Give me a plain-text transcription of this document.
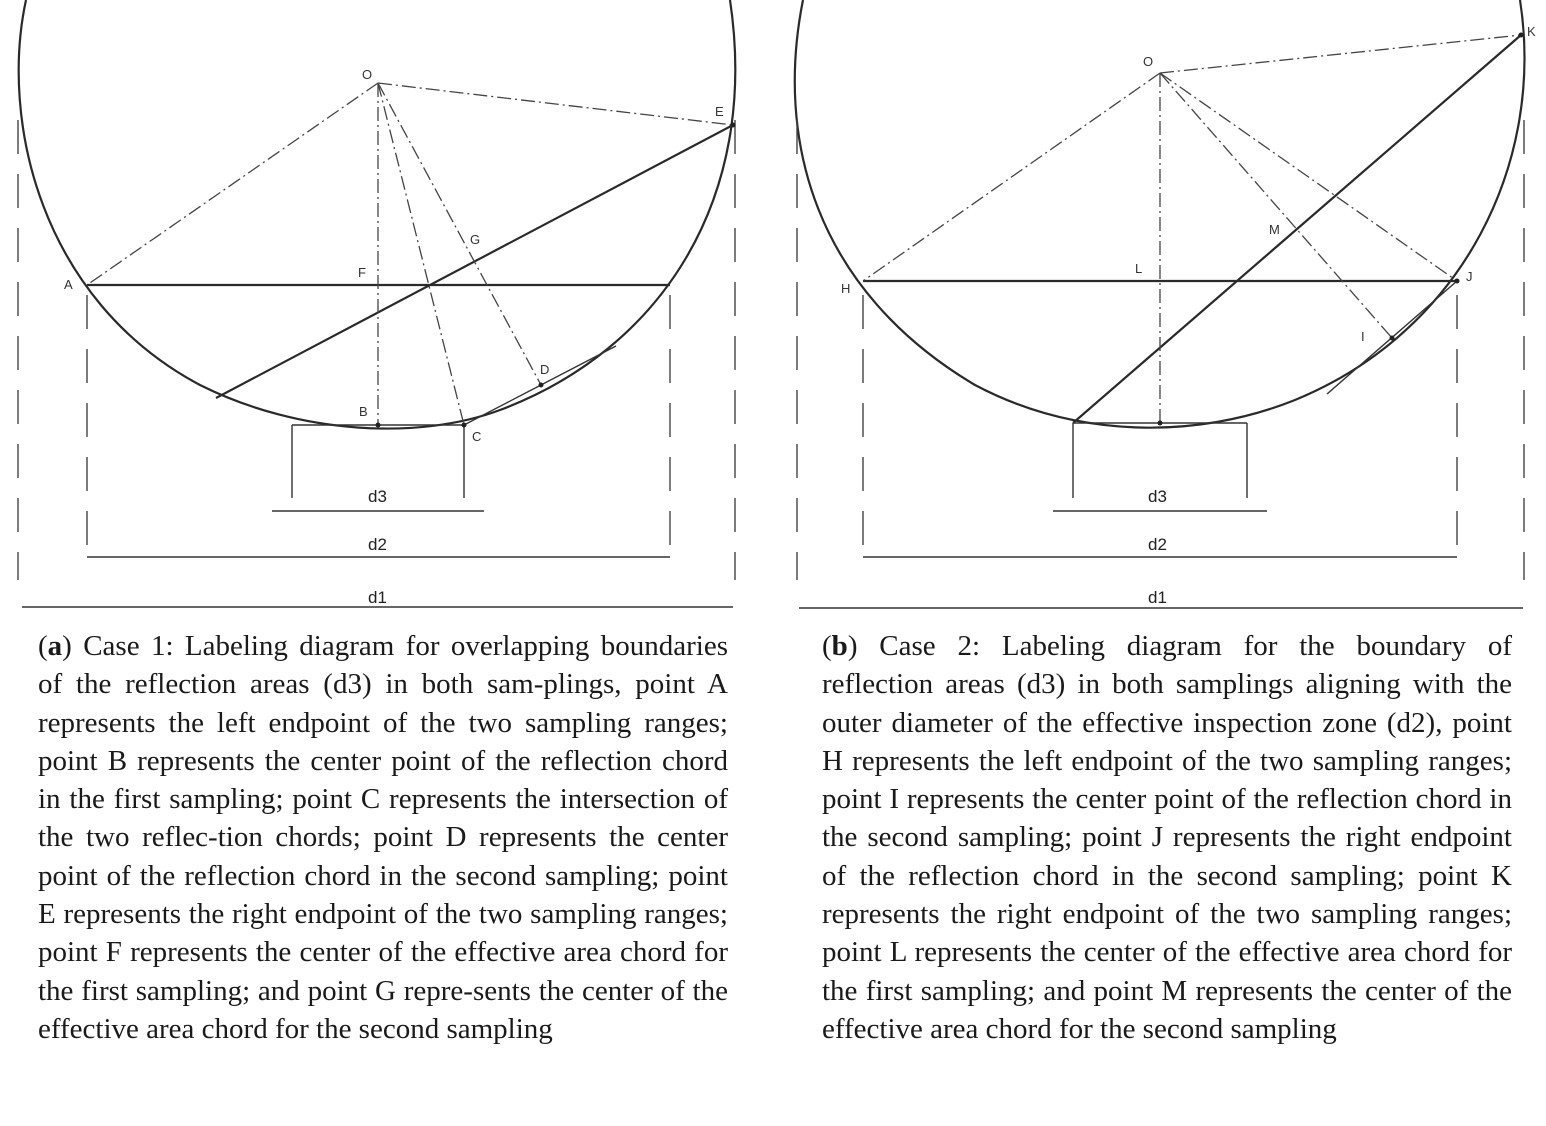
O
E
G
F
A
D
B
C
d3
d2
d1
O
K
M
L
H
J
I
d3
d2
d1
(a) Case 1: Labeling diagram for overlapping boundaries of the reflection areas (d3) in both sam-plings, point A represents the left endpoint of the two sampling ranges; point B represents the center point of the reflection chord in the first sampling; point C represents the intersection of the two reflec-tion chords; point D represents the center point of the reflection chord in the second sampling; point E represents the right endpoint of the two sampling ranges; point F represents the center of the effective area chord for the first sampling; and point G repre-sents the center of the effective area chord for the second sampling
(b) Case 2: Labeling diagram for the boundary of reflection areas (d3) in both samplings aligning with the outer diameter of the effective inspection zone (d2), point H represents the left endpoint of the two sampling ranges; point I represents the center point of the reflection chord in the second sampling; point J represents the right endpoint of the reflection chord in the second sampling; point K represents the right endpoint of the two sampling ranges; point L represents the center of the effective area chord for the first sampling; and point M represents the center of the effective area chord for the second sampling
